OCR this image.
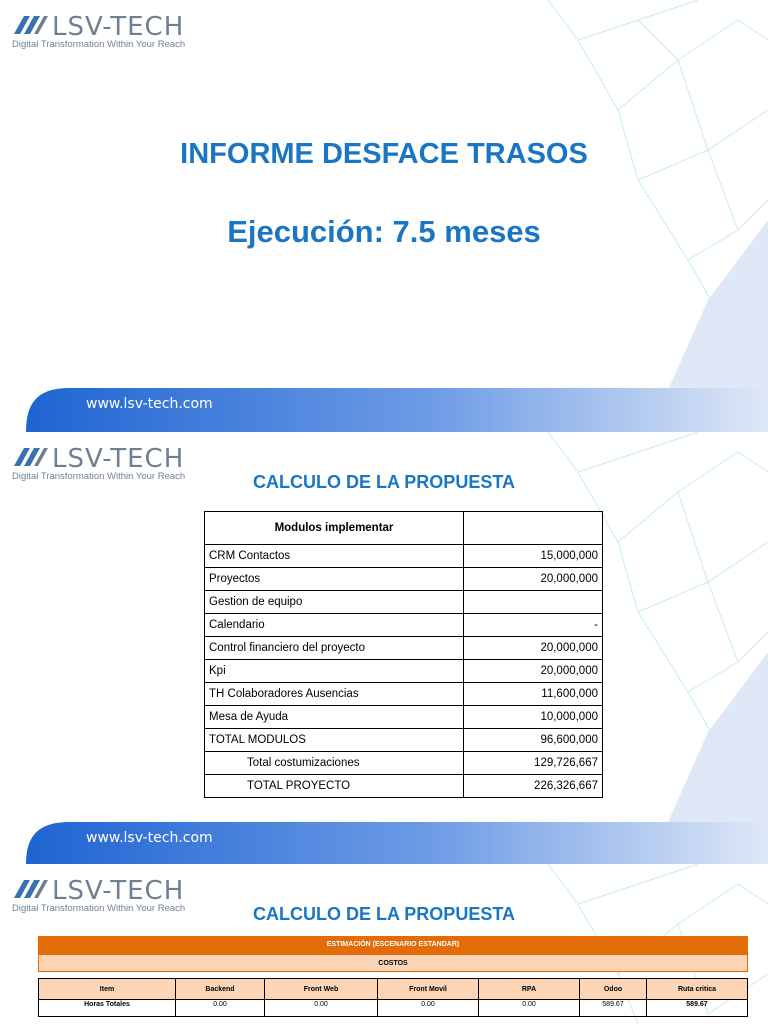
LSV-TECH
Digital Transformation Within Your Reach
INFORME DESFACE TRASOS
Ejecución: 7.5 meses
www.lsv-tech.com
LSV-TECH
Digital Transformation Within Your Reach	CALCULO DE LA PROPUESTA
Modulos implementar	
CRM Contactos	15,000,000
Proyectos	20,000,000
Gestion de equipo	
Calendario	-
Control financiero del proyecto	20,000,000
Kpi	20,000,000
TH Colaboradores Ausencias	11,600,000
Mesa de Ayuda	10,000,000
TOTAL MODULOS	96,600,000
Total costumizaciones	129,726,667
TOTAL PROYECTO	226,326,667
www.lsv-tech.com
LSV-TECH
Digital Transformation Within Your Reach	CALCULO DE LA PROPUESTA
ESTIMACIÓN (ESCENARIO ESTANDAR)
COSTOS
Item	Backend	Front Web	Front Movil	RPA	Odoo	Ruta critica
Horas Totales	0.00	0.00	0.00	0.00	589.67	589.67
